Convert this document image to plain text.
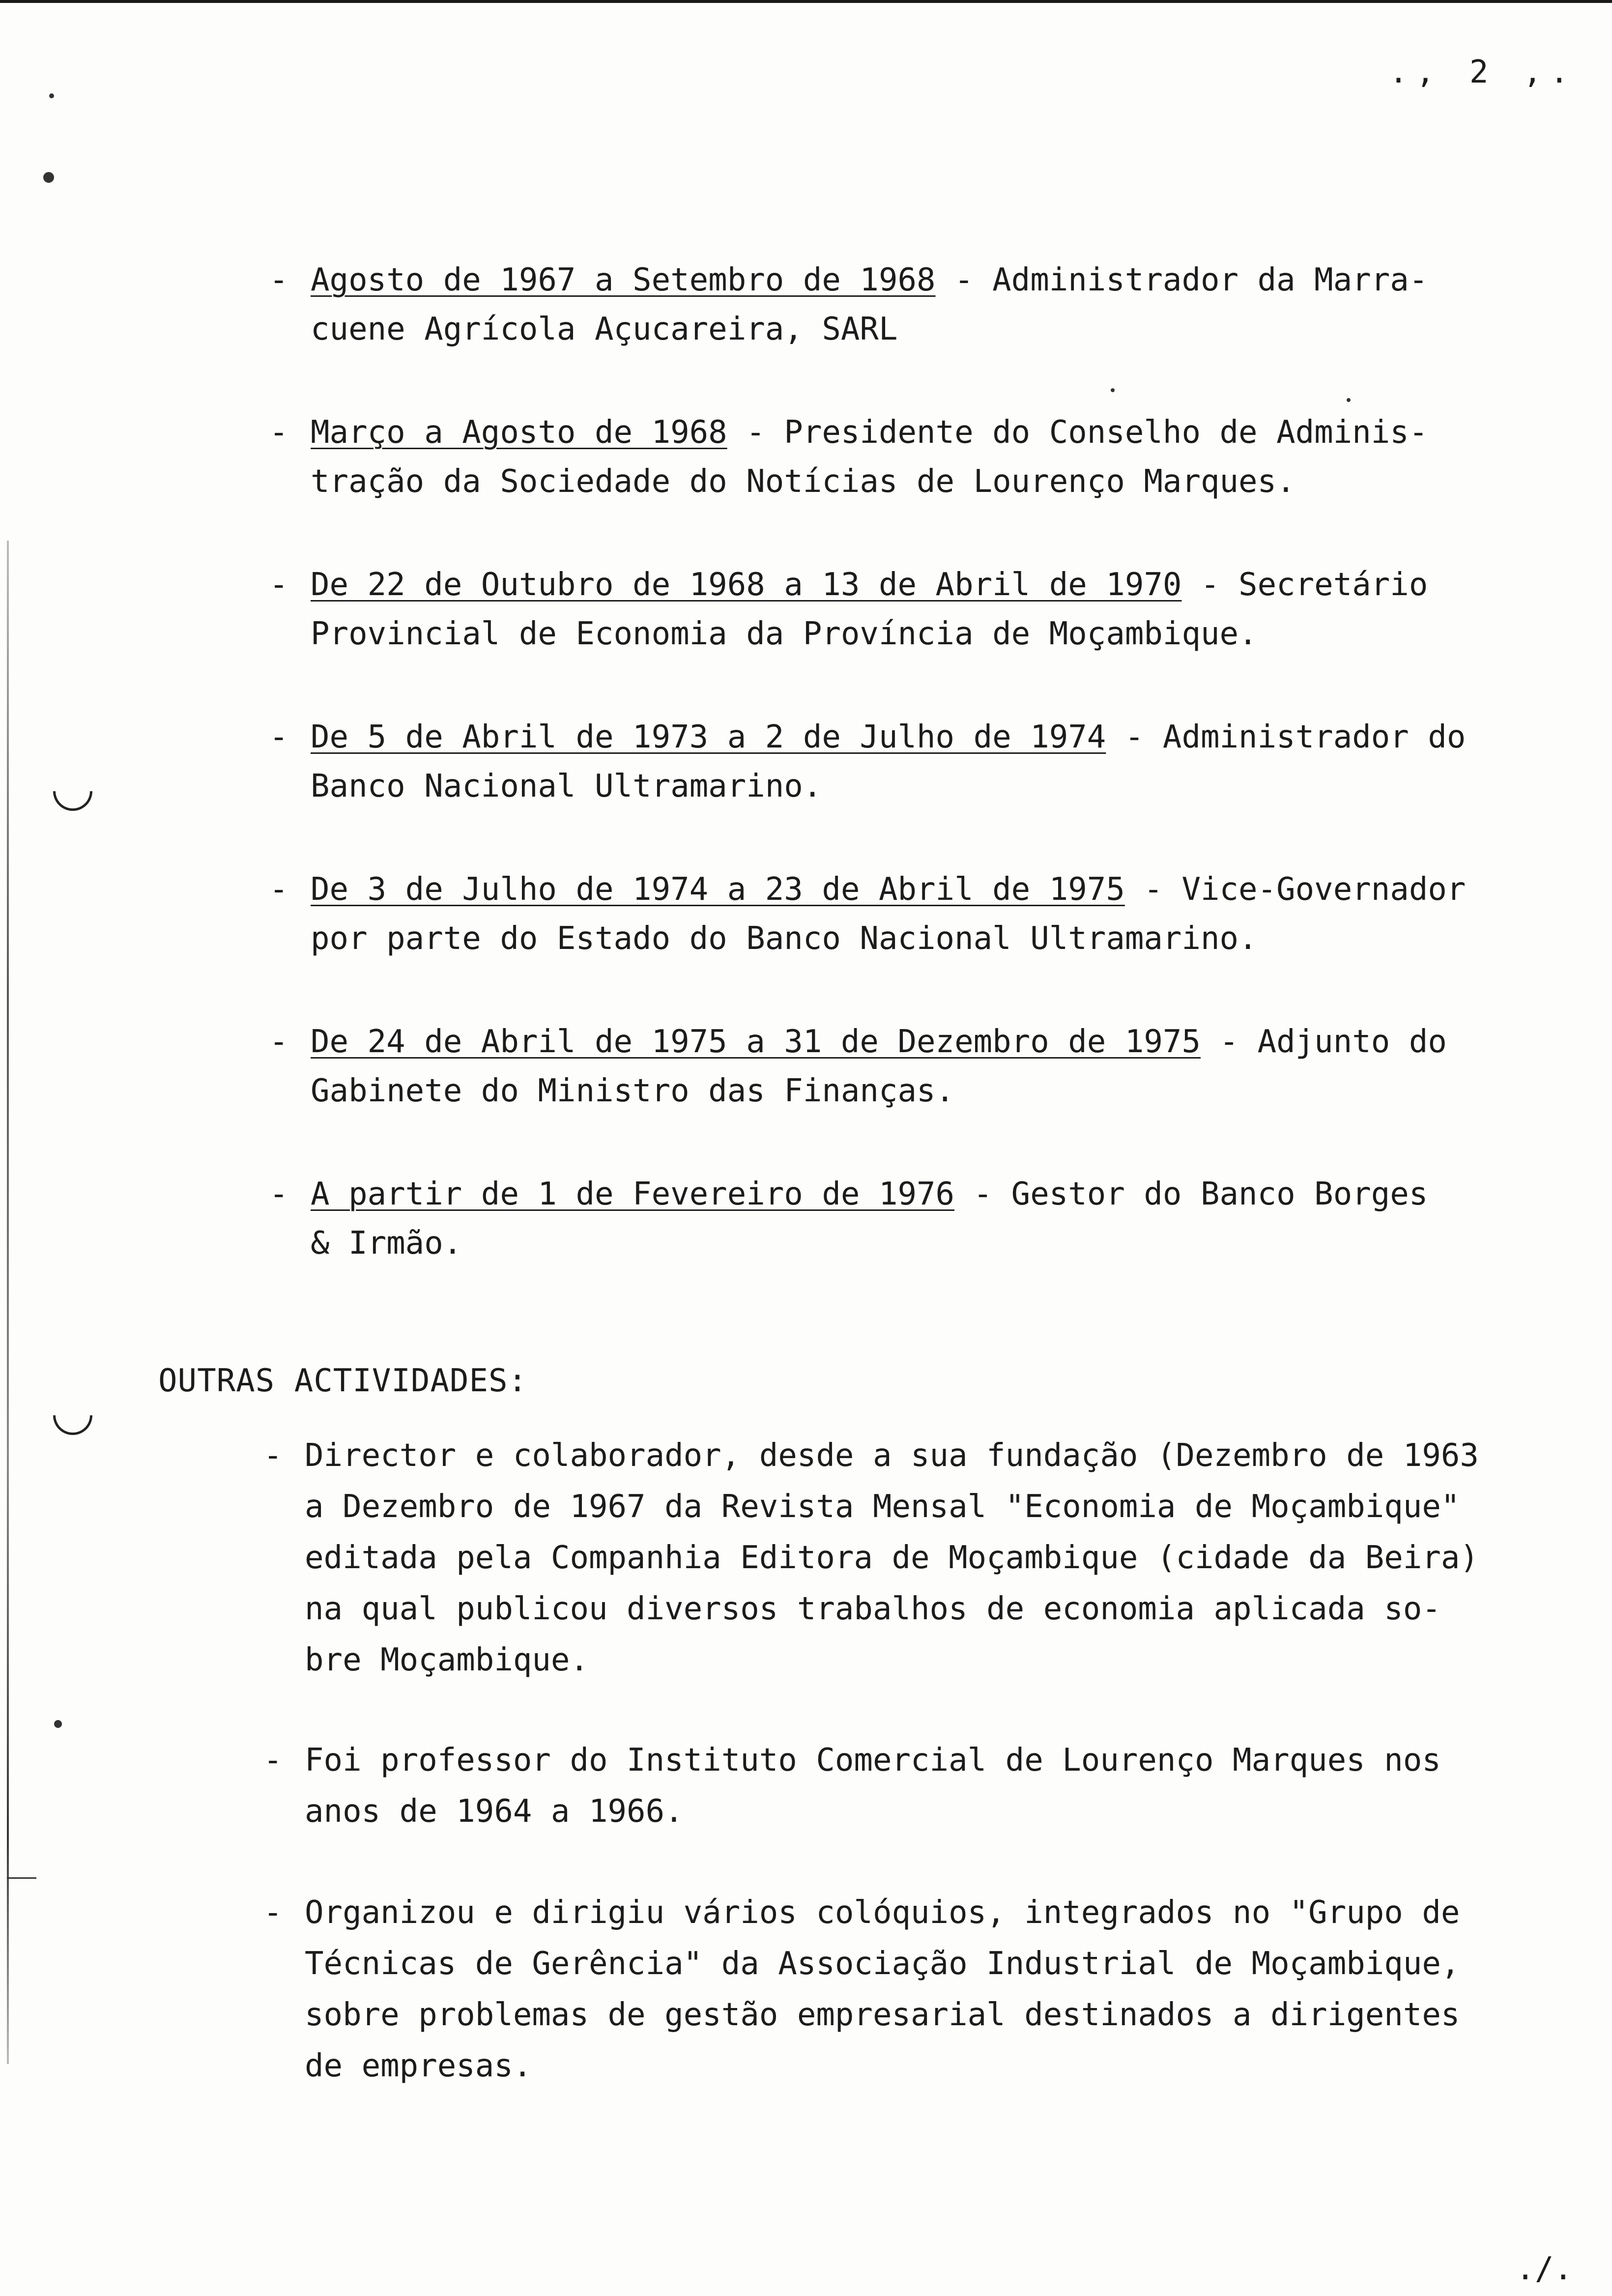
., 2 ,.
- Agosto de 1967 a Setembro de 1968 - Administrador da Marra-
cuene Agrícola Açucareira, SARL
- Março a Agosto de 1968 - Presidente do Conselho de Adminis-
tração da Sociedade do Notícias de Lourenço Marques.
- De 22 de Outubro de 1968 a 13 de Abril de 1970 - Secretário
Provincial de Economia da Província de Moçambique.
- De 5 de Abril de 1973 a 2 de Julho de 1974 - Administrador do
Banco Nacional Ultramarino.
- De 3 de Julho de 1974 a 23 de Abril de 1975 - Vice-Governador
por parte do Estado do Banco Nacional Ultramarino.
- De 24 de Abril de 1975 a 31 de Dezembro de 1975 - Adjunto do
Gabinete do Ministro das Finanças.
- A partir de 1 de Fevereiro de 1976 - Gestor do Banco Borges
& Irmão.
OUTRAS ACTIVIDADES:
- Director e colaborador, desde a sua fundação (Dezembro de 1963
a Dezembro de 1967 da Revista Mensal "Economia de Moçambique"
editada pela Companhia Editora de Moçambique (cidade da Beira)
na qual publicou diversos trabalhos de economia aplicada so-
bre Moçambique.
- Foi professor do Instituto Comercial de Lourenço Marques nos
anos de 1964 a 1966.
- Organizou e dirigiu vários colóquios, integrados no "Grupo de
Técnicas de Gerência" da Associação Industrial de Moçambique,
sobre problemas de gestão empresarial destinados a dirigentes
de empresas.
./.
